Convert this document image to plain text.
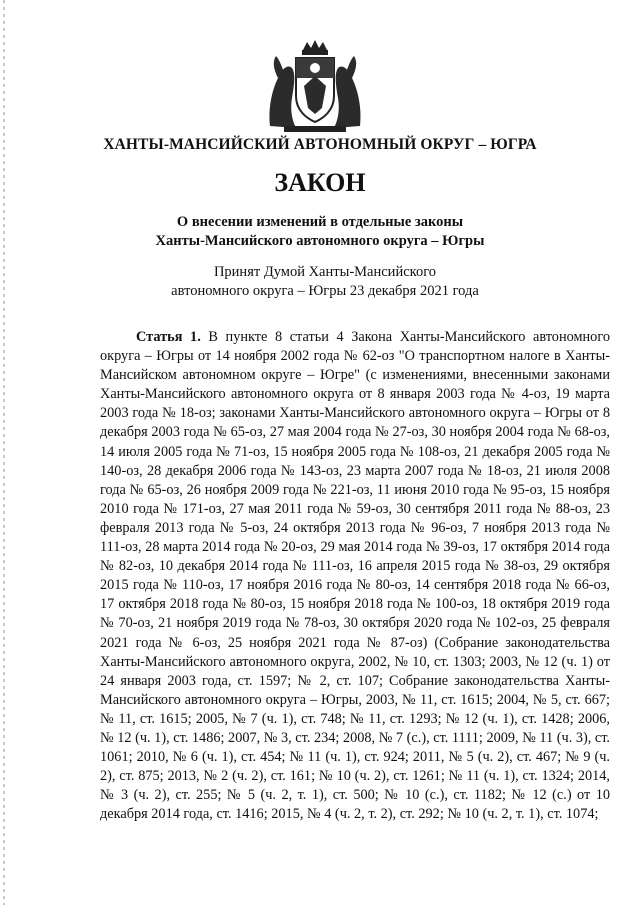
ХАНТЫ-МАНСИЙСКИЙ АВТОНОМНЫЙ ОКРУГ – ЮГРА
ЗАКОН
О внесении изменений в отдельные законы
Ханты-Мансийского автономного округа – Югры
Принят Думой Ханты-Мансийского
автономного округа – Югры 23 декабря 2021 года

Статья 1. В пункте 8 статьи 4 Закона Ханты-Мансийского автономного округа – Югры от 14 ноября 2002 года № 62-оз "О транспортном налоге в Ханты-Мансийском автономном округе – Югре" (с изменениями, внесенными законами Ханты-Мансийского автономного округа от 8 января 2003 года № 4-оз, 19 марта 2003 года № 18-оз; законами Ханты-Мансийского автономного округа – Югры от 8 декабря 2003 года № 65-оз, 27 мая 2004 года № 27-оз, 30 ноября 2004 года № 68-оз, 14 июля 2005 года № 71-оз, 15 ноября 2005 года № 108-оз, 21 декабря 2005 года № 140-оз, 28 декабря 2006 года № 143-оз, 23 марта 2007 года № 18-оз, 21 июля 2008 года № 65-оз, 26 ноября 2009 года № 221-оз, 11 июня 2010 года № 95-оз, 15 ноября 2010 года № 171-оз, 27 мая 2011 года № 59-оз, 30 сентября 2011 года № 88-оз, 23 февраля 2013 года № 5-оз, 24 октября 2013 года № 96-оз, 7 ноября 2013 года № 111-оз, 28 марта 2014 года № 20-оз, 29 мая 2014 года № 39-оз, 17 октября 2014 года № 82-оз, 10 декабря 2014 года № 111-оз, 16 апреля 2015 года № 38-оз, 29 октября 2015 года № 110-оз, 17 ноября 2016 года № 80-оз, 14 сентября 2018 года № 66-оз, 17 октября 2018 года № 80-оз, 15 ноября 2018 года № 100-оз, 18 октября 2019 года № 70-оз, 21 ноября 2019 года № 78-оз, 30 октября 2020 года № 102-оз, 25 февраля 2021 года № 6-оз, 25 ноября 2021 года № 87-оз) (Собрание законодательства Ханты-Мансийского автономного округа, 2002, № 10, ст. 1303; 2003, № 12 (ч. 1) от 24 января 2003 года, ст. 1597; № 2, ст. 107; Собрание законодательства Ханты-Мансийского автономного округа – Югры, 2003, № 11, ст. 1615; 2004, № 5, ст. 667; № 11, ст. 1615; 2005, № 7 (ч. 1), ст. 748; № 11, ст. 1293; № 12 (ч. 1), ст. 1428; 2006, № 12 (ч. 1), ст. 1486; 2007, № 3, ст. 234; 2008, № 7 (с.), ст. 1111; 2009, № 11 (ч. 3), ст. 1061; 2010, № 6 (ч. 1), ст. 454; № 11 (ч. 1), ст. 924; 2011, № 5 (ч. 2), ст. 467; № 9 (ч. 2), ст. 875; 2013, № 2 (ч. 2), ст. 161; № 10 (ч. 2), ст. 1261; № 11 (ч. 1), ст. 1324; 2014, № 3 (ч. 2), ст. 255; № 5 (ч. 2, т. 1), ст. 500; № 10 (с.), ст. 1182; № 12 (с.) от 10 декабря 2014 года, ст. 1416; 2015, № 4 (ч. 2, т. 2), ст. 292; № 10 (ч. 2, т. 1), ст. 1074;
